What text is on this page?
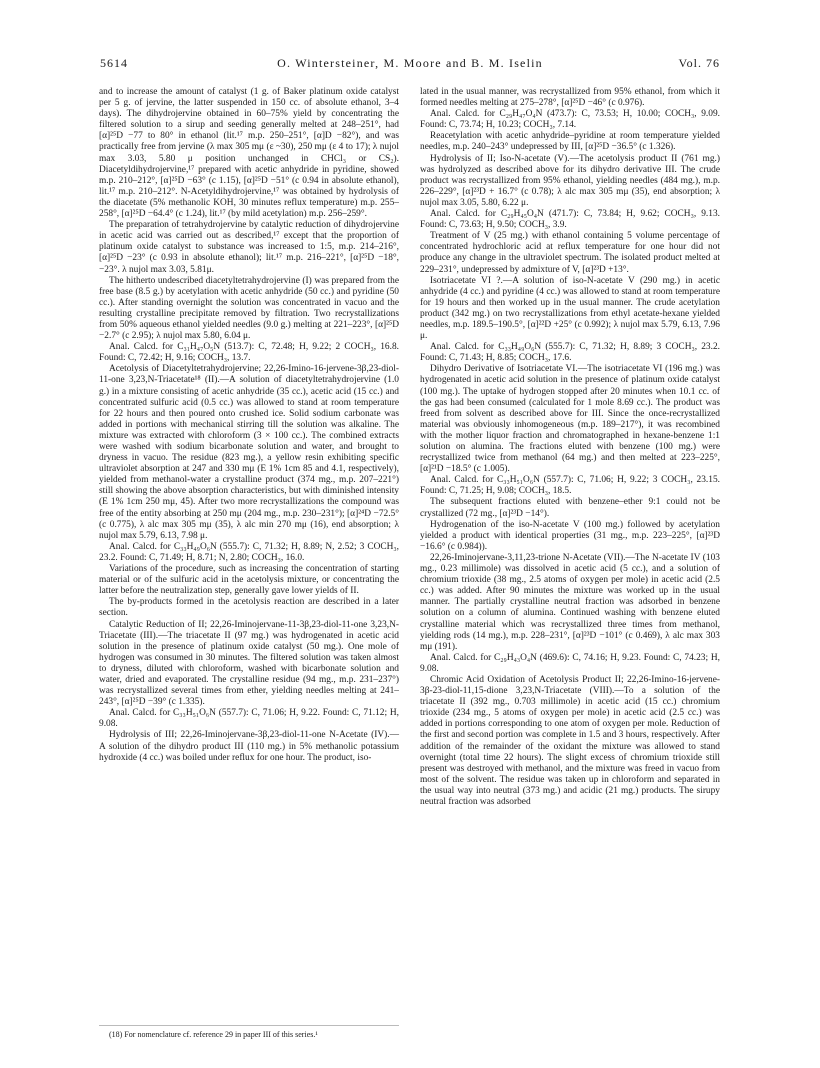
5614	O. Wintersteiner, M. Moore and B. M. Iselin	Vol. 76

and to increase the amount of catalyst (1 g. of Baker platinum oxide catalyst per 5 g. of jervine, the latter suspended in 150 cc. of absolute ethanol, 3–4 days). The dihydrojervine obtained in 60–75% yield by concentrating the filtered solution to a sirup and seeding generally melted at 248–251°, had [α]²⁵D −77 to 80° in ethanol (lit.¹⁷ m.p. 250–251°, [α]D −82°), and was practically free from jervine (λ max 305 mμ (ε ~30), 250 mμ (ε 4 to 17); λ nujol max 3.03, 5.80 μ position unchanged in CHCl₃ or CS₂). Diacetyldihydrojervine,¹⁷ prepared with acetic anhydride in pyridine, showed m.p. 210–212°, [α]²⁵D −63° (c 1.15), [α]²⁵D −51° (c 0.94 in absolute ethanol), lit.¹⁷ m.p. 210–212°. N-Acetyldihydrojervine,¹⁷ was obtained by hydrolysis of the diacetate (5% methanolic KOH, 30 minutes reflux temperature) m.p. 255–258°, [α]²⁵D −64.4° (c 1.24), lit.¹⁷ (by mild acetylation) m.p. 256–259°.

The preparation of tetrahydrojervine by catalytic reduction of dihydrojervine in acetic acid was carried out as described,¹⁷ except that the proportion of platinum oxide catalyst to substance was increased to 1:5, m.p. 214–216°, [α]²⁵D −23° (c 0.93 in absolute ethanol); lit.¹⁷ m.p. 216–221°, [α]²⁵D −18°, −23°. λ nujol max 3.03, 5.81μ.

The hitherto undescribed diacetyltetrahydrojervine (I) was prepared from the free base (8.5 g.) by acetylation with acetic anhydride (50 cc.) and pyridine (50 cc.). After standing overnight the solution was concentrated in vacuo and the resulting crystalline precipitate removed by filtration. Two recrystallizations from 50% aqueous ethanol yielded needles (9.0 g.) melting at 221–223°, [α]²⁵D −2.7° (c 2.95); λ nujol max 5.80, 6.04 μ.

Anal. Calcd. for C₃₁H₄₇O₅N (513.7): C, 72.48; H, 9.22; 2 COCH₃, 16.8. Found: C, 72.42; H, 9.16; COCH₃, 13.7.

Acetolysis of Diacetyltetrahydrojervine; 22,26-Imino-16-jervene-3β,23-diol-11-one 3,23,N-Triacetate¹⁸ (II).—A solution of diacetyltetrahydrojervine (1.0 g.) in a mixture consisting of acetic anhydride (35 cc.), acetic acid (15 cc.) and concentrated sulfuric acid (0.5 cc.) was allowed to stand at room temperature for 22 hours and then poured onto crushed ice. Solid sodium carbonate was added in portions with mechanical stirring till the solution was alkaline. The mixture was extracted with chloroform (3 × 100 cc.). The combined extracts were washed with sodium bicarbonate solution and water, and brought to dryness in vacuo. The residue (823 mg.), a yellow resin exhibiting specific ultraviolet absorption at 247 and 330 mμ (E 1% 1cm 85 and 4.1, respectively), yielded from methanol-water a crystalline product (374 mg., m.p. 207–221°) still showing the above absorption characteristics, but with diminished intensity (E 1% 1cm 250 mμ, 45). After two more recrystallizations the compound was free of the entity absorbing at 250 mμ (204 mg., m.p. 230–231°); [α]²⁴D −72.5° (c 0.775), λ alc max 305 mμ (35), λ alc min 270 mμ (16), end absorption; λ nujol max 5.79, 6.13, 7.98 μ.

Anal. Calcd. for C₃₃H₄₉O₆N (555.7): C, 71.32; H, 8.89; N, 2.52; 3 COCH₃, 23.2. Found: C, 71.49; H, 8.71; N, 2.80; COCH₃, 16.0.

Variations of the procedure, such as increasing the concentration of starting material or of the sulfuric acid in the acetolysis mixture, or concentrating the latter before the neutralization step, generally gave lower yields of II.

The by-products formed in the acetolysis reaction are described in a later section.

Catalytic Reduction of II; 22,26-Iminojervane-11-3β,23-diol-11-one 3,23,N-Triacetate (III).—The triacetate II (97 mg.) was hydrogenated in acetic acid solution in the presence of platinum oxide catalyst (50 mg.). One mole of hydrogen was consumed in 30 minutes. The filtered solution was taken almost to dryness, diluted with chloroform, washed with bicarbonate solution and water, dried and evaporated. The crystalline residue (94 mg., m.p. 231–237°) was recrystallized several times from ether, yielding needles melting at 241–243°, [α]²⁵D −39° (c 1.335).

Anal. Calcd. for C₃₃H₅₁O₆N (557.7): C, 71.06; H, 9.22. Found: C, 71.12; H, 9.08.

Hydrolysis of III; 22,26-Iminojervane-3β,23-diol-11-one N-Acetate (IV).—A solution of the dihydro product III (110 mg.) in 5% methanolic potassium hydroxide (4 cc.) was boiled under reflux for one hour. The product, iso-

lated in the usual manner, was recrystallized from 95% ethanol, from which it formed needles melting at 275–278°, [α]²⁵D −46° (c 0.976).

Anal. Calcd. for C₂₉H₄₇O₄N (473.7): C, 73.53; H, 10.00; COCH₃, 9.09. Found: C, 73.74; H, 10.23; COCH₃, 7.14.

Reacetylation with acetic anhydride–pyridine at room temperature yielded needles, m.p. 240–243° undepressed by III, [α]²⁵D −36.5° (c 1.326).

Hydrolysis of II; Iso-N-acetate (V).—The acetolysis product II (761 mg.) was hydrolyzed as described above for its dihydro derivative III. The crude product was recrystallized from 95% ethanol, yielding needles (484 mg.), m.p. 226–229°, [α]²³D + 16.7° (c 0.78); λ alc max 305 mμ (35), end absorption; λ nujol max 3.05, 5.80, 6.22 μ.

Anal. Calcd. for C₂₉H₄₅O₄N (471.7): C, 73.84; H, 9.62; COCH₃, 9.13. Found: C, 73.63; H, 9.50; COCH₃, 3.9.

Treatment of V (25 mg.) with ethanol containing 5 volume percentage of concentrated hydrochloric acid at reflux temperature for one hour did not produce any change in the ultraviolet spectrum. The isolated product melted at 229–231°, undepressed by admixture of V, [α]²³D +13°.

Isotriacetate VI ?.—A solution of iso-N-acetate V (290 mg.) in acetic anhydride (4 cc.) and pyridine (4 cc.) was allowed to stand at room temperature for 19 hours and then worked up in the usual manner. The crude acetylation product (342 mg.) on two recrystallizations from ethyl acetate-hexane yielded needles, m.p. 189.5–190.5°, [α]²²D +25° (c 0.992); λ nujol max 5.79, 6.13, 7.96 μ.

Anal. Calcd. for C₃₃H₄₉O₆N (555.7): C, 71.32; H, 8.89; 3 COCH₃, 23.2. Found: C, 71.43; H, 8.85; COCH₃, 17.6.

Dihydro Derivative of Isotriacetate VI.—The isotriacetate VI (196 mg.) was hydrogenated in acetic acid solution in the presence of platinum oxide catalyst (100 mg.). The uptake of hydrogen stopped after 20 minutes when 10.1 cc. of the gas had been consumed (calculated for 1 mole 8.69 cc.). The product was freed from solvent as described above for III. Since the once-recrystallized material was obviously inhomogeneous (m.p. 189–217°), it was recombined with the mother liquor fraction and chromatographed in hexane-benzene 1:1 solution on alumina. The fractions eluted with benzene (100 mg.) were recrystallized twice from methanol (64 mg.) and then melted at 223–225°, [α]²¹D −18.5° (c 1.005).

Anal. Calcd. for C₃₃H₅₁O₆N (557.7): C, 71.06; H, 9.22; 3 COCH₃, 23.15. Found: C, 71.25; H, 9.08; COCH₃, 18.5.

The subsequent fractions eluted with benzene–ether 9:1 could not be crystallized (72 mg., [α]²³D −14°).

Hydrogenation of the iso-N-acetate V (100 mg.) followed by acetylation yielded a product with identical properties (31 mg., m.p. 223–225°, [α]²³D −16.6° (c 0.984)).

22,26-Iminojervane-3,11,23-trione N-Acetate (VII).—The N-acetate IV (103 mg., 0.23 millimole) was dissolved in acetic acid (5 cc.), and a solution of chromium trioxide (38 mg., 2.5 atoms of oxygen per mole) in acetic acid (2.5 cc.) was added. After 90 minutes the mixture was worked up in the usual manner. The partially crystalline neutral fraction was adsorbed in benzene solution on a column of alumina. Continued washing with benzene eluted crystalline material which was recrystallized three times from methanol, yielding rods (14 mg.), m.p. 228–231°, [α]²³D −101° (c 0.469), λ alc max 303 mμ (191).

Anal. Calcd. for C₂₉H₄₃O₄N (469.6): C, 74.16; H, 9.23. Found: C, 74.23; H, 9.08.

Chromic Acid Oxidation of Acetolysis Product II; 22,26-Imino-16-jervene-3β-23-diol-11,15-dione 3,23,N-Triacetate (VIII).—To a solution of the triacetate II (392 mg., 0.703 millimole) in acetic acid (15 cc.) chromium trioxide (234 mg., 5 atoms of oxygen per mole) in acetic acid (2.5 cc.) was added in portions corresponding to one atom of oxygen per mole. Reduction of the first and second portion was complete in 1.5 and 3 hours, respectively. After addition of the remainder of the oxidant the mixture was allowed to stand overnight (total time 22 hours). The slight excess of chromium trioxide still present was destroyed with methanol, and the mixture was freed in vacuo from most of the solvent. The residue was taken up in chloroform and separated in the usual way into neutral (373 mg.) and acidic (21 mg.) products. The sirupy neutral fraction was adsorbed

(18) For nomenclature cf. reference 29 in paper III of this series.¹
